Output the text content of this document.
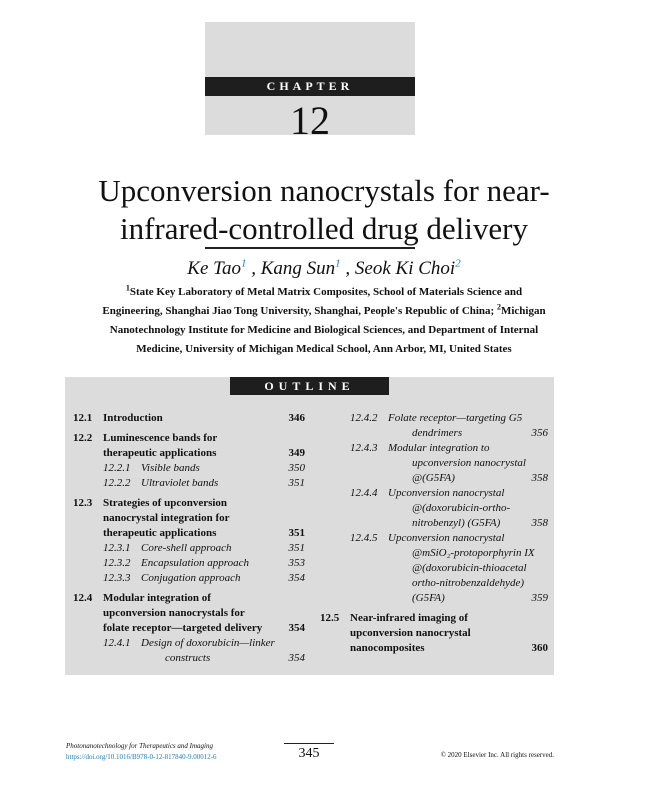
CHAPTER
12
Upconversion nanocrystals for near-
infrared-controlled drug delivery
Ke Tao$^1$ , Kang Sun$^1$ , Seok Ki Choi$^2$
$^1$State Key Laboratory of Metal Matrix Composites, School of Materials Science and
Engineering, Shanghai Jiao Tong University, Shanghai, People's Republic of China; $^2$Michigan
Nanotechnology Institute for Medicine and Biological Sciences, and Department of Internal
Medicine, University of Michigan Medical School, Ann Arbor, MI, United States
OUTLINE
12.1 Introduction	346
12.2 Luminescence bands for
therapeutic applications	349
12.2.1 Visible bands	350
12.2.2 Ultraviolet bands	351
12.3 Strategies of upconversion
nanocrystal integration for
therapeutic applications	351
12.3.1 Core-shell approach	351
12.3.2 Encapsulation approach	353
12.3.3 Conjugation approach	354
12.4 Modular integration of
upconversion nanocrystals for
folate receptor—targeted delivery	354
12.4.1 Design of doxorubicin—linker
constructs	354
12.4.2 Folate receptor—targeting G5
dendrimers	356
12.4.3 Modular integration to
upconversion nanocrystal
@(G5FA)	358
12.4.4 Upconversion nanocrystal
@(doxorubicin-ortho-
nitrobenzyl) (G5FA)	358
12.4.5 Upconversion nanocrystal
@mSiO₂-protoporphyrin IX
@(doxorubicin-thioacetal
ortho-nitrobenzaldehyde)
(G5FA)	359
12.5 Near-infrared imaging of
upconversion nanocrystal
nanocomposites	360
Photonanotechnology for Therapeutics and Imaging
https://doi.org/10.1016/B978-0-12-817840-9.00012-6	345	© 2020 Elsevier Inc. All rights reserved.
